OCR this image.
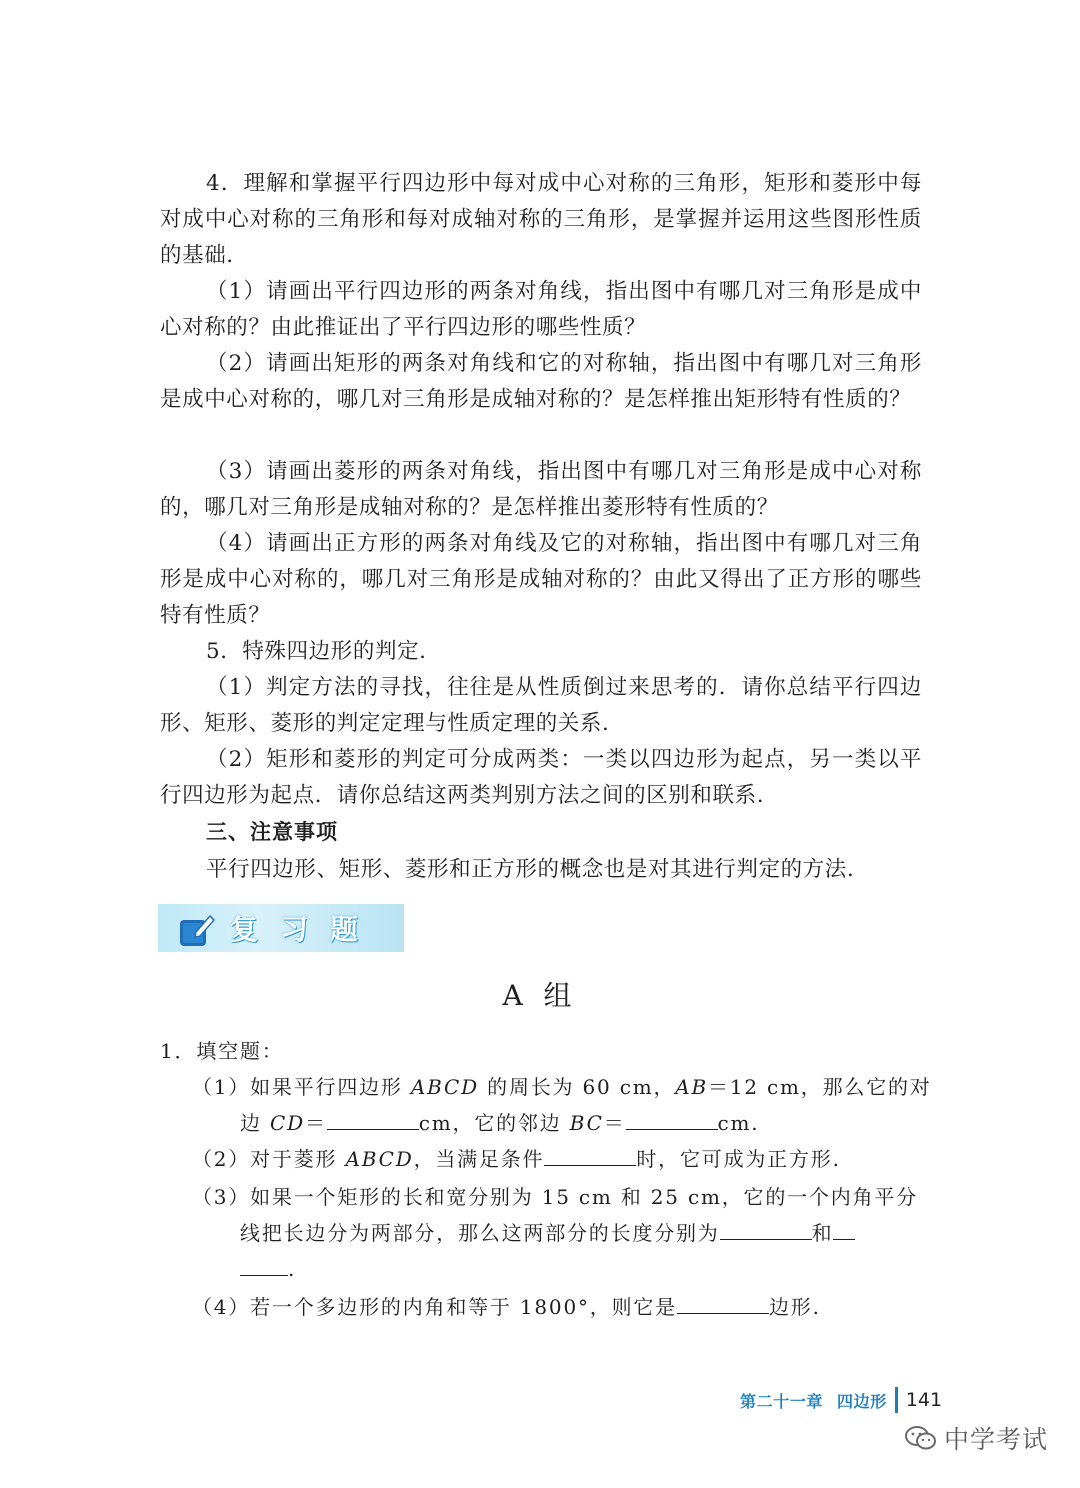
4．理解和掌握平行四边形中每对成中心对称的三角形，矩形和菱形中每对成中心对称的三角形和每对成轴对称的三角形，是掌握并运用这些图形性质的基础.

（1）请画出平行四边形的两条对角线，指出图中有哪几对三角形是成中心对称的？由此推证出了平行四边形的哪些性质？

（2）请画出矩形的两条对角线和它的对称轴，指出图中有哪几对三角形是成中心对称的，哪几对三角形是成轴对称的？是怎样推出矩形特有性质的？

（3）请画出菱形的两条对角线，指出图中有哪几对三角形是成中心对称的，哪几对三角形是成轴对称的？是怎样推出菱形特有性质的？

（4）请画出正方形的两条对角线及它的对称轴，指出图中有哪几对三角形是成中心对称的，哪几对三角形是成轴对称的？由此又得出了正方形的哪些特有性质？

5．特殊四边形的判定.

（1）判定方法的寻找，往往是从性质倒过来思考的．请你总结平行四边形、矩形、菱形的判定定理与性质定理的关系.

（2）矩形和菱形的判定可分成两类：一类以四边形为起点，另一类以平行四边形为起点．请你总结这两类判别方法之间的区别和联系.

三、注意事项
平行四边形、矩形、菱形和正方形的概念也是对其进行判定的方法.
复习题
A 组
1．填空题：
（1）如果平行四边形 ABCD 的周长为 60 cm，AB＝12 cm，那么它的对
边 CD＝	cm，它的邻边 BC＝	cm.
（2）对于菱形 ABCD，当满足条件	时，它可成为正方形.
（3）如果一个矩形的长和宽分别为 15 cm 和 25 cm，它的一个内角平分
线把长边分为两部分，那么这两部分的长度分别为	和
.
（4）若一个多边形的内角和等于 1800°，则它是	边形.
第二十一章 四边形 141
中学考试
